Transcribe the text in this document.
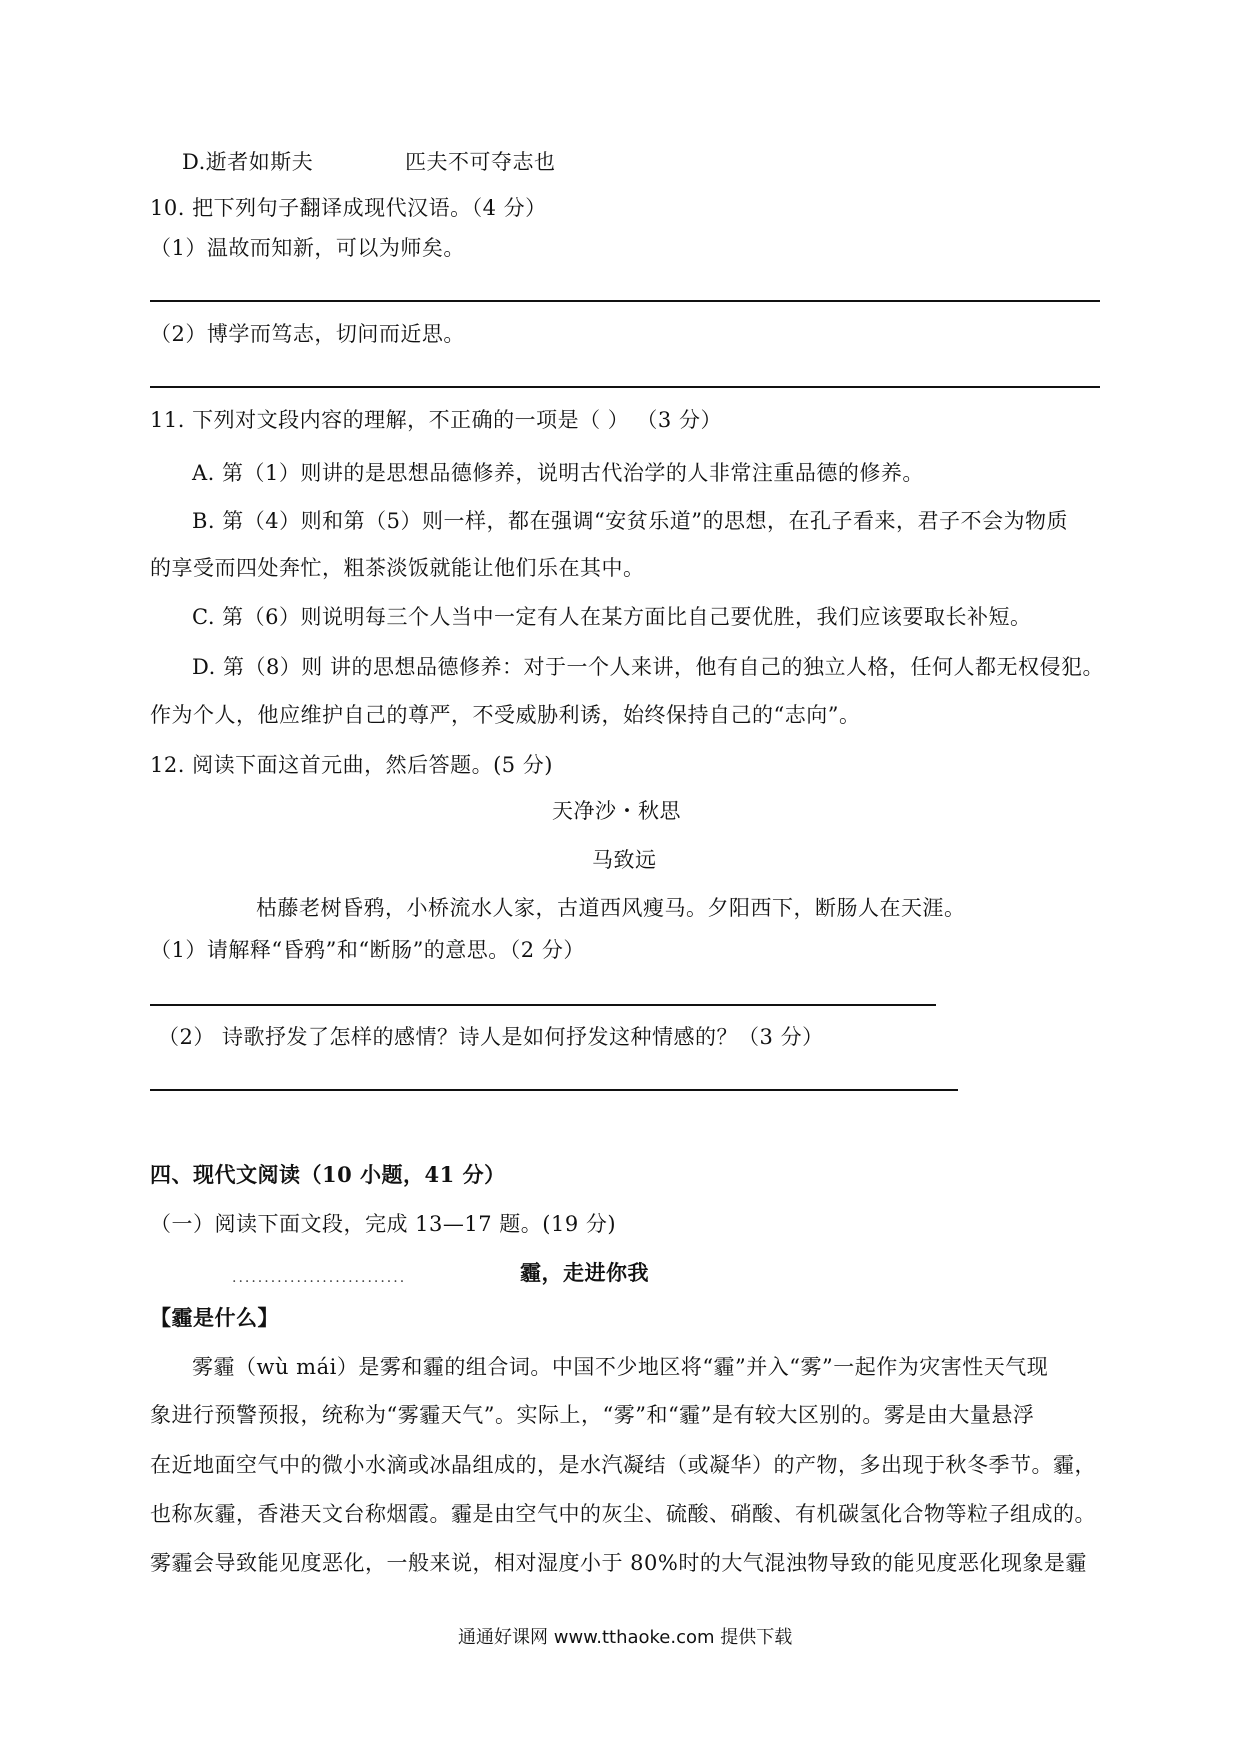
D.逝者如斯夫	匹夫不可夺志也
10. 把下列句子翻译成现代汉语。（4 分）
（1）温故而知新，可以为师矣。
（2）博学而笃志，切问而近思。
11. 下列对文段内容的理解，不正确的一项是（ ） （3 分）
A. 第（1）则讲的是思想品德修养，说明古代治学的人非常注重品德的修养。
B. 第（4）则和第（5）则一样，都在强调“安贫乐道”的思想，在孔子看来，君子不会为物质
的享受而四处奔忙，粗茶淡饭就能让他们乐在其中。
C. 第（6）则说明每三个人当中一定有人在某方面比自己要优胜，我们应该要取长补短。
D. 第（8）则 讲的思想品德修养：对于一个人来讲，他有自己的独立人格，任何人都无权侵犯。
作为个人，他应维护自己的尊严，不受威胁利诱，始终保持自己的“志向”。
12. 阅读下面这首元曲，然后答题。(5 分)
天净沙・秋思
马致远
枯藤老树昏鸦，小桥流水人家，古道西风瘦马。夕阳西下，断肠人在天涯。
（1）请解释“昏鸦”和“断肠”的意思。（2 分）
（2） 诗歌抒发了怎样的感情？诗人是如何抒发这种情感的？（3 分）
四、现代文阅读（10 小题，41 分）
（一）阅读下面文段，完成 13—17 题。(19 分)
...........................	霾，走进你我
【霾是什么】
雾霾（wù mái）是雾和霾的组合词。中国不少地区将“霾”并入“雾”一起作为灾害性天气现
象进行预警预报，统称为“雾霾天气”。实际上，“雾”和“霾”是有较大区别的。雾是由大量悬浮
在近地面空气中的微小水滴或冰晶组成的，是水汽凝结（或凝华）的产物，多出现于秋冬季节。霾，
也称灰霾，香港天文台称烟霞。霾是由空气中的灰尘、硫酸、硝酸、有机碳氢化合物等粒子组成的。
雾霾会导致能见度恶化，一般来说，相对湿度小于 80%时的大气混浊物导致的能见度恶化现象是霾
通通好课网 www.tthaoke.com 提供下载
